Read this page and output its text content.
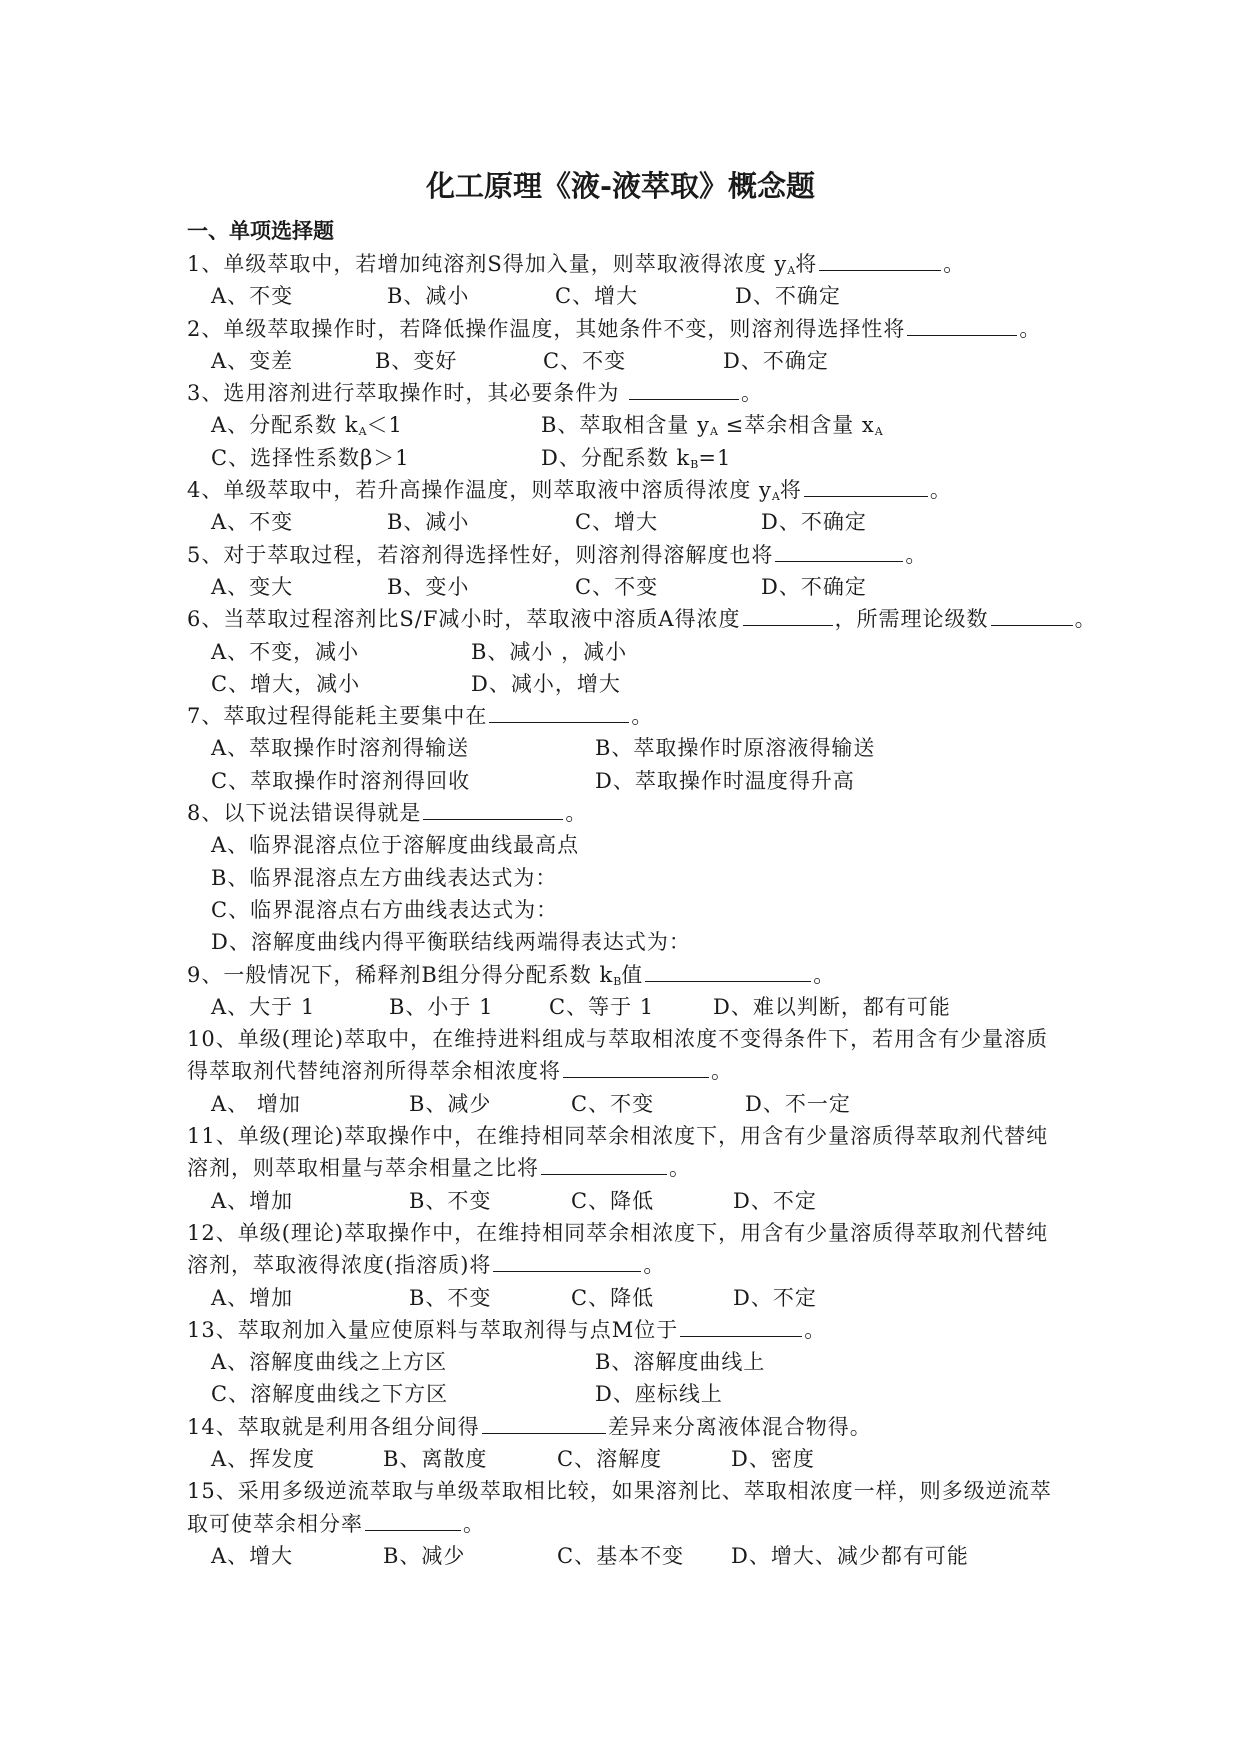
化工原理《液-液萃取》概念题
一、单项选择题
1、单级萃取中，若增加纯溶剂S得加入量，则萃取液得浓度 $y_A$将	。
A、不变	B、减小	C、增大	D、不确定
2、单级萃取操作时，若降低操作温度，其她条件不变，则溶剂得选择性将	。
A、变差	B、变好	C、不变	D、不确定
3、选用溶剂进行萃取操作时，其必要条件为	。
A、分配系数 $k_A<1$	B、萃取相含量 $y_A$ ≤萃余相含量 $x_A$
C、选择性系数β＞1	D、分配系数 $k_B=1$
4、单级萃取中，若升高操作温度，则萃取液中溶质得浓度 $y_A$将	。
A、不变	B、减小	C、增大	D、不确定
5、对于萃取过程，若溶剂得选择性好，则溶剂得溶解度也将	。
A、变大	B、变小	C、不变	D、不确定
6、当萃取过程溶剂比S/F减小时，萃取液中溶质A得浓度	，所需理论级数	。
A、不变，减小	B、减小 ，减小
C、增大，减小	D、减小，增大
7、萃取过程得能耗主要集中在	。
A、萃取操作时溶剂得输送	B、萃取操作时原溶液得输送
C、萃取操作时溶剂得回收	D、萃取操作时温度得升高
8、以下说法错误得就是	。
A、临界混溶点位于溶解度曲线最高点
B、临界混溶点左方曲线表达式为：
C、临界混溶点右方曲线表达式为：
D、溶解度曲线内得平衡联结线两端得表达式为：
9、一般情况下，稀释剂B组分得分配系数 $k_B$值	。
A、大于 1	B、小于 1	C、等于 1	D、难以判断，都有可能
10、单级(理论)萃取中，在维持进料组成与萃取相浓度不变得条件下，若用含有少量溶质
得萃取剂代替纯溶剂所得萃余相浓度将	。
A、 增加	B、减少	C、不变	D、不一定
11、单级(理论)萃取操作中，在维持相同萃余相浓度下，用含有少量溶质得萃取剂代替纯
溶剂，则萃取相量与萃余相量之比将	。
A、增加	B、不变	C、降低	D、不定
12、单级(理论)萃取操作中，在维持相同萃余相浓度下，用含有少量溶质得萃取剂代替纯
溶剂，萃取液得浓度(指溶质)将	。
A、增加	B、不变	C、降低	D、不定
13、萃取剂加入量应使原料与萃取剂得与点M位于	。
A、溶解度曲线之上方区	B、溶解度曲线上
C、溶解度曲线之下方区	D、座标线上
14、萃取就是利用各组分间得	差异来分离液体混合物得。
A、挥发度	B、离散度	C、溶解度	D、密度
15、采用多级逆流萃取与单级萃取相比较，如果溶剂比、萃取相浓度一样，则多级逆流萃
取可使萃余相分率	。
A、增大	B、减少	C、基本不变 D、增大、减少都有可能
